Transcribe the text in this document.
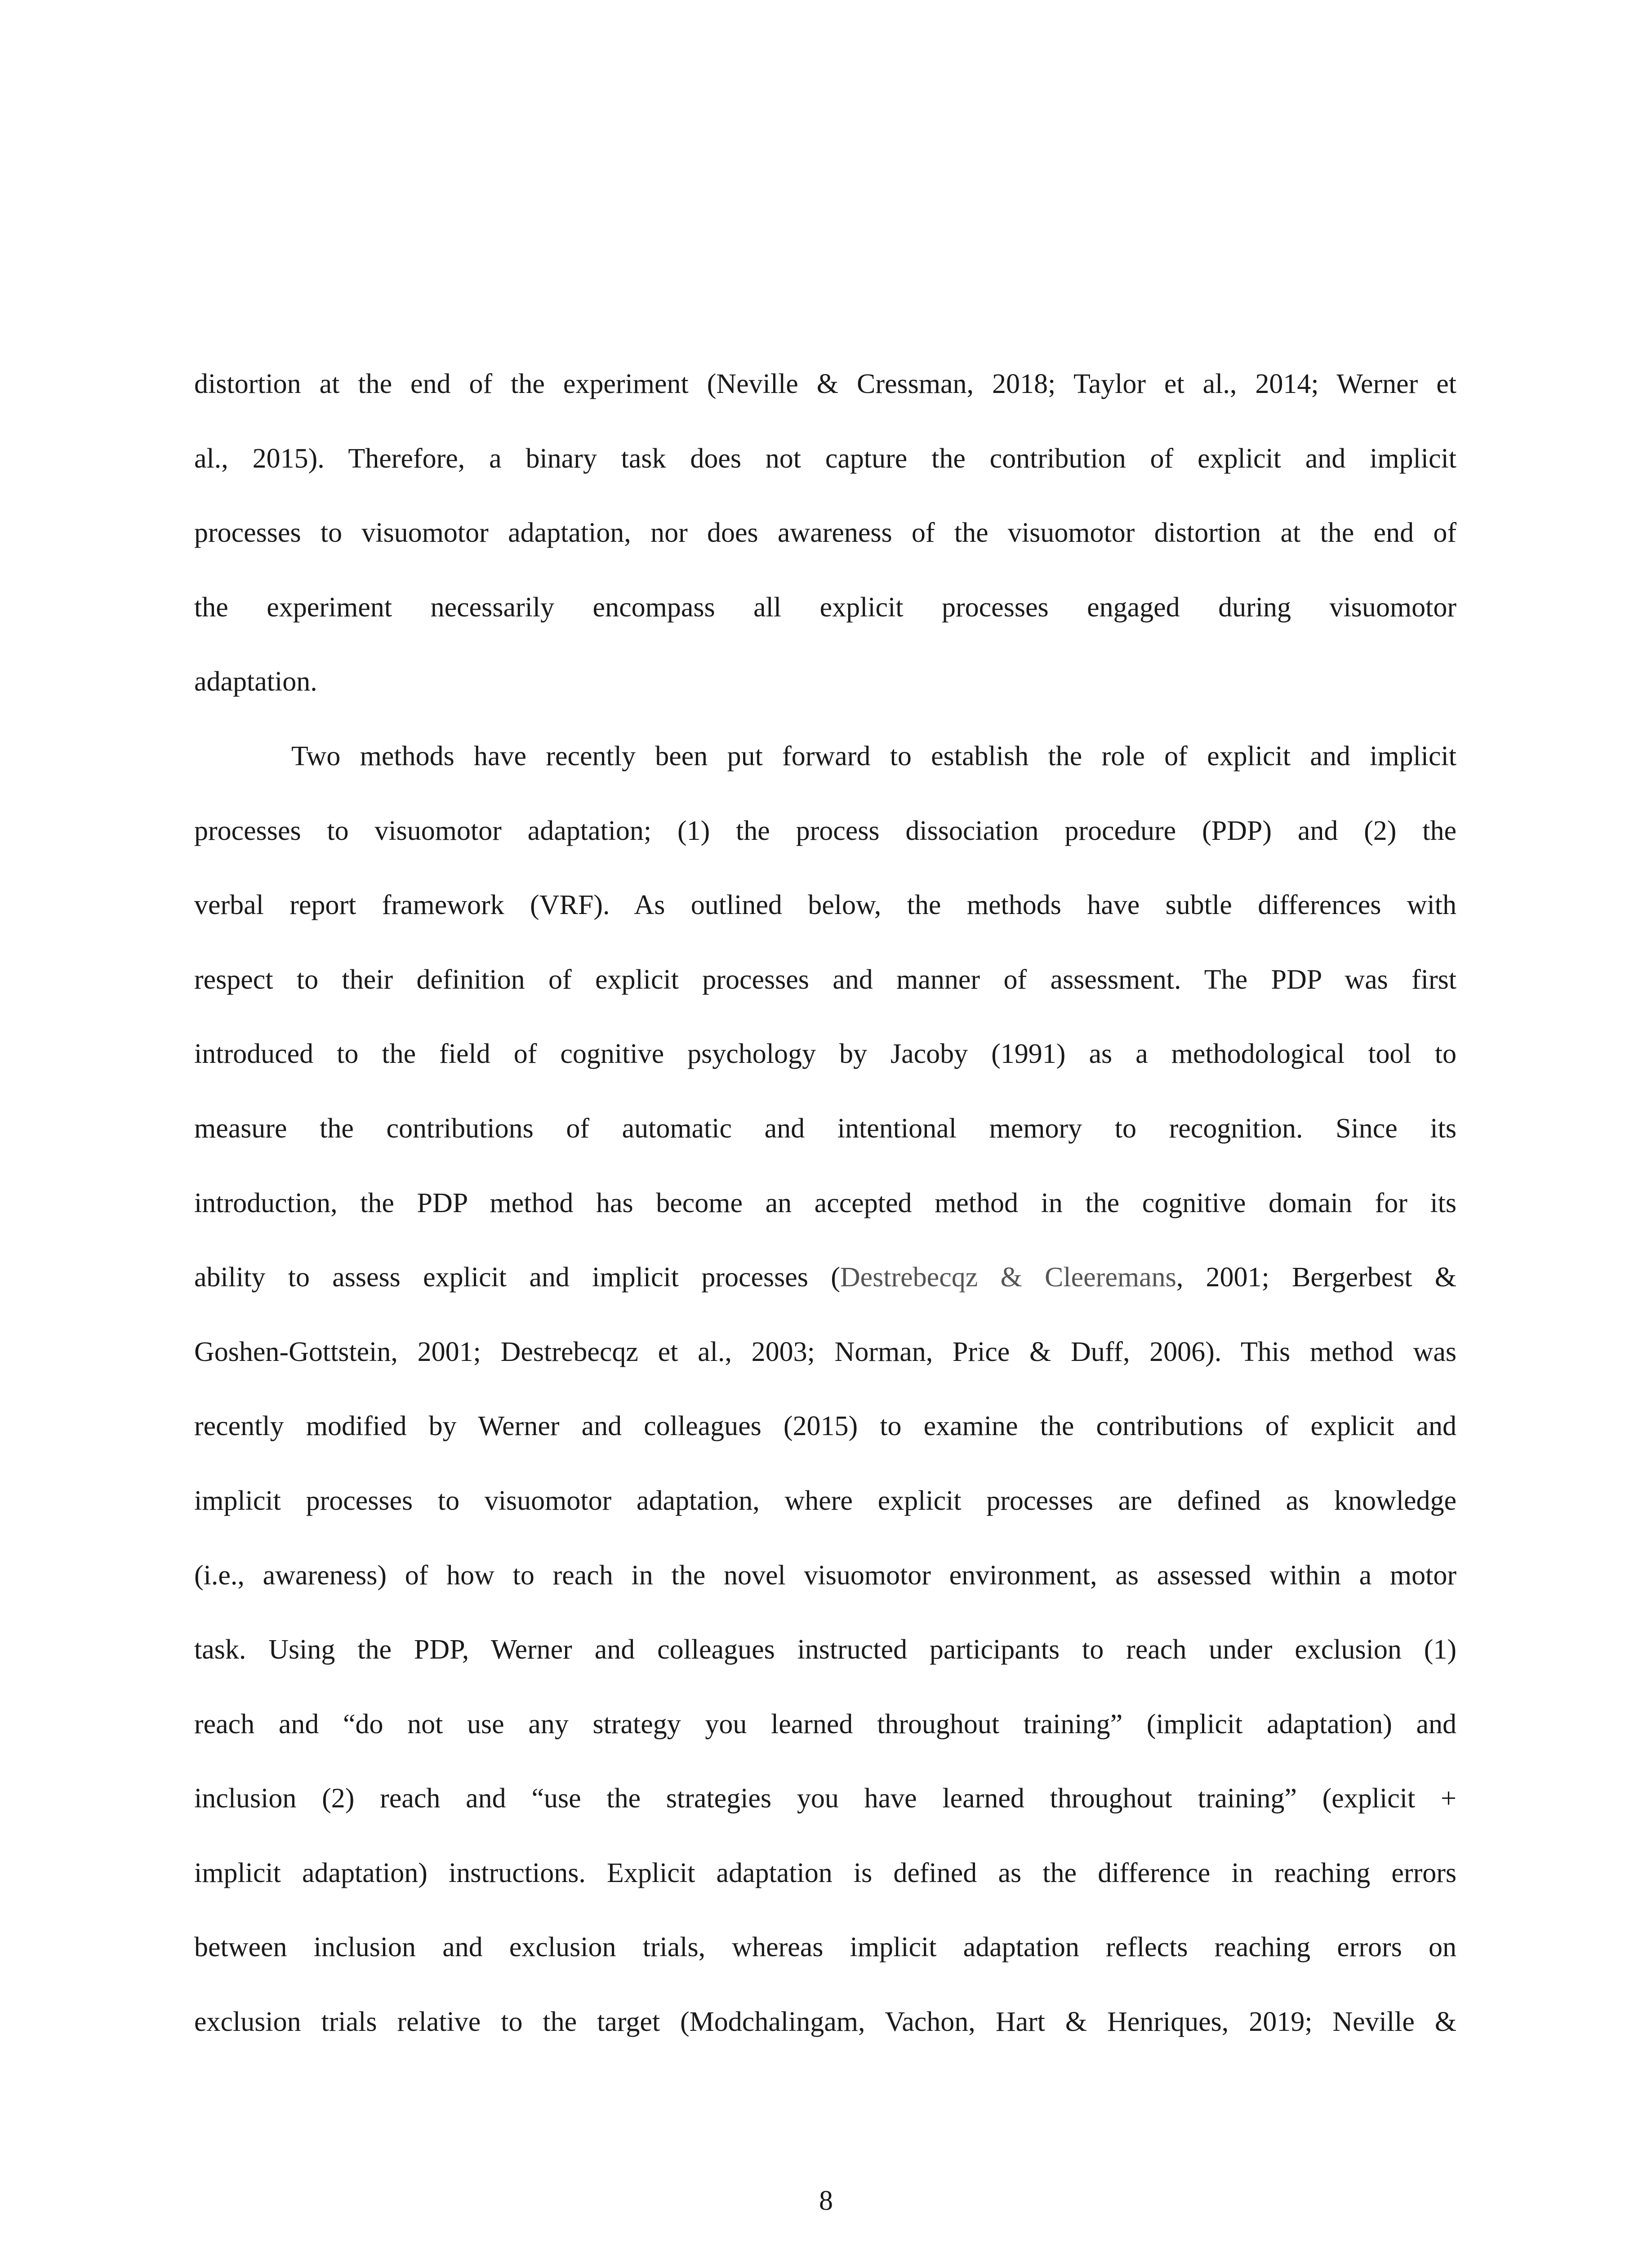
distortion at the end of the experiment (Neville & Cressman, 2018; Taylor et al., 2014; Werner et
al., 2015). Therefore, a binary task does not capture the contribution of explicit and implicit
processes to visuomotor adaptation, nor does awareness of the visuomotor distortion at the end of
the experiment necessarily encompass all explicit processes engaged during visuomotor
adaptation.
Two methods have recently been put forward to establish the role of explicit and implicit
processes to visuomotor adaptation; (1) the process dissociation procedure (PDP) and (2) the
verbal report framework (VRF). As outlined below, the methods have subtle differences with
respect to their definition of explicit processes and manner of assessment. The PDP was first
introduced to the field of cognitive psychology by Jacoby (1991) as a methodological tool to
measure the contributions of automatic and intentional memory to recognition. Since its
introduction, the PDP method has become an accepted method in the cognitive domain for its
ability to assess explicit and implicit processes (Destrebecqz & Cleeremans, 2001; Bergerbest &
Goshen-Gottstein, 2001; Destrebecqz et al., 2003; Norman, Price & Duff, 2006). This method was
recently modified by Werner and colleagues (2015) to examine the contributions of explicit and
implicit processes to visuomotor adaptation, where explicit processes are defined as knowledge
(i.e., awareness) of how to reach in the novel visuomotor environment, as assessed within a motor
task. Using the PDP, Werner and colleagues instructed participants to reach under exclusion (1)
reach and “do not use any strategy you learned throughout training” (implicit adaptation) and
inclusion (2) reach and “use the strategies you have learned throughout training” (explicit +
implicit adaptation) instructions. Explicit adaptation is defined as the difference in reaching errors
between inclusion and exclusion trials, whereas implicit adaptation reflects reaching errors on
exclusion trials relative to the target (Modchalingam, Vachon, Hart & Henriques, 2019; Neville &
8
